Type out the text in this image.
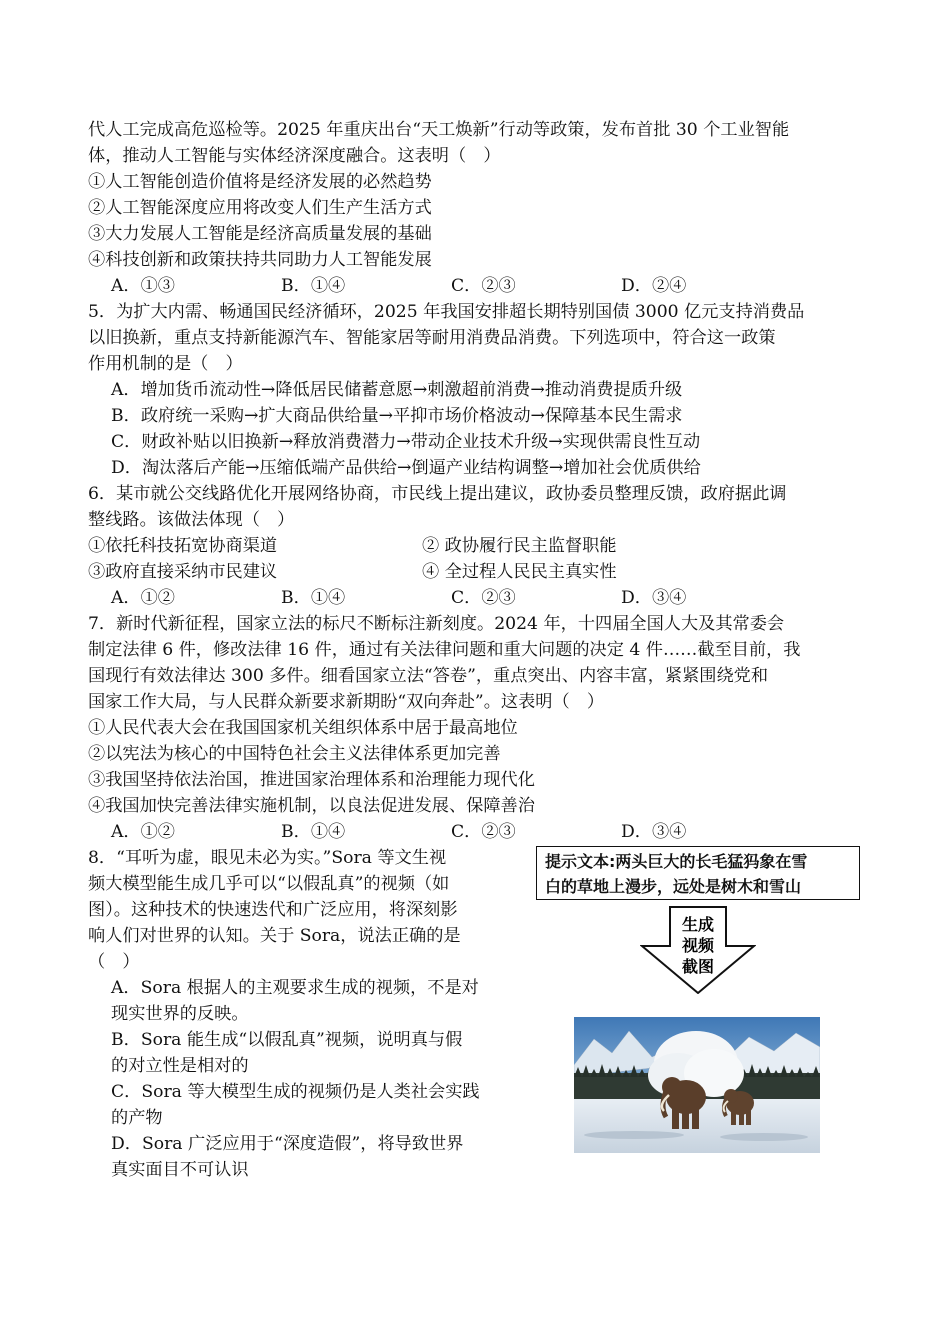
代人工完成高危巡检等。2025 年重庆出台“天工焕新”行动等政策，发布首批 30 个工业智能
体，推动人工智能与实体经济深度融合。这表明（　）
①人工智能创造价值将是经济发展的必然趋势
②人工智能深度应用将改变人们生产生活方式
③大力发展人工智能是经济高质量发展的基础
④科技创新和政策扶持共同助力人工智能发展
A．①③	B．①④	C．②③	D．②④
5．为扩大内需、畅通国民经济循环，2025 年我国安排超长期特别国债 3000 亿元支持消费品
以旧换新，重点支持新能源汽车、智能家居等耐用消费品消费。下列选项中，符合这一政策
作用机制的是（　）
A．增加货币流动性→降低居民储蓄意愿→刺激超前消费→推动消费提质升级
B．政府统一采购→扩大商品供给量→平抑市场价格波动→保障基本民生需求
C．财政补贴以旧换新→释放消费潜力→带动企业技术升级→实现供需良性互动
D．淘汰落后产能→压缩低端产品供给→倒逼产业结构调整→增加社会优质供给
6．某市就公交线路优化开展网络协商，市民线上提出建议，政协委员整理反馈，政府据此调
整线路。该做法体现（　）
①依托科技拓宽协商渠道	② 政协履行民主监督职能
③政府直接采纳市民建议	④ 全过程人民民主真实性
A．①②	B．①④	C．②③	D．③④
7．新时代新征程，国家立法的标尺不断标注新刻度。2024 年，十四届全国人大及其常委会
制定法律 6 件，修改法律 16 件，通过有关法律问题和重大问题的决定 4 件……截至目前，我
国现行有效法律达 300 多件。细看国家立法“答卷”，重点突出、内容丰富，紧紧围绕党和
国家工作大局，与人民群众新要求新期盼“双向奔赴”。这表明（　）
①人民代表大会在我国国家机关组织体系中居于最高地位
②以宪法为核心的中国特色社会主义法律体系更加完善
③我国坚持依法治国，推进国家治理体系和治理能力现代化
④我国加快完善法律实施机制，以良法促进发展、保障善治
A．①②	B．①④	C．②③	D．③④
8．“耳听为虚，眼见未必为实。”Sora 等文生视
频大模型能生成几乎可以“以假乱真”的视频（如
图）。这种技术的快速迭代和广泛应用，将深刻影
响人们对世界的认知。关于 Sora，说法正确的是
（　）
A．Sora 根据人的主观要求生成的视频，不是对
现实世界的反映。
B．Sora 能生成“以假乱真”视频，说明真与假
的对立性是相对的
C．Sora 等大模型生成的视频仍是人类社会实践
的产物
D．Sora 广泛应用于“深度造假”，将导致世界
真实面目不可认识
提示文本:两头巨大的长毛猛犸象在雪
白的草地上漫步，远处是树木和雪山
生成
视频
截图
